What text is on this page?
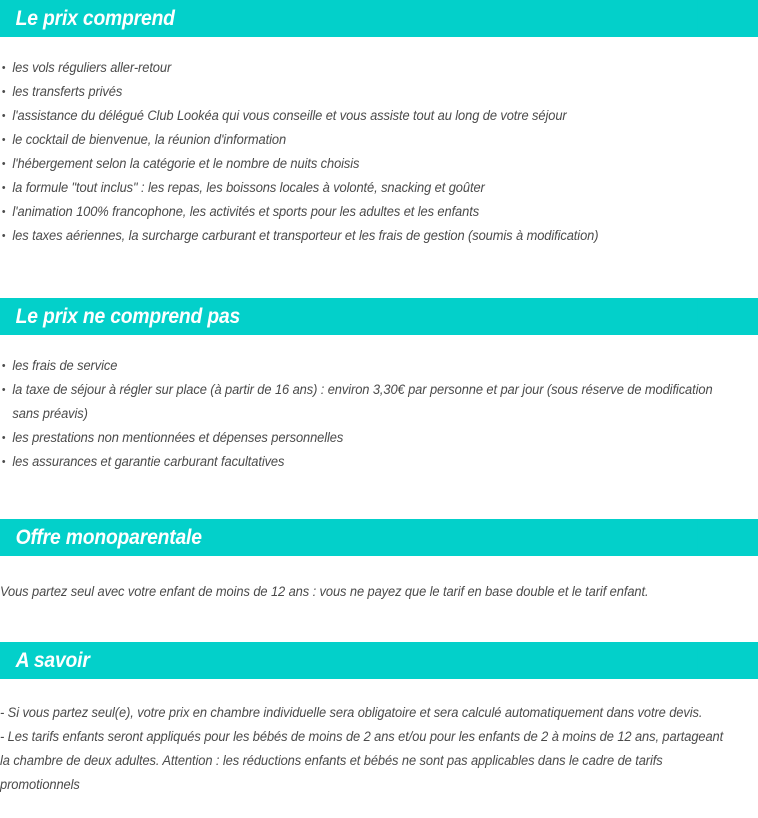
Le prix comprend
• les vols réguliers aller-retour
• les transferts privés
• l'assistance du délégué Club Lookéa qui vous conseille et vous assiste tout au long de votre séjour
• le cocktail de bienvenue, la réunion d'information
• l'hébergement selon la catégorie et le nombre de nuits choisis
• la formule "tout inclus" : les repas, les boissons locales à volonté, snacking et goûter
• l'animation 100% francophone, les activités et sports pour les adultes et les enfants
• les taxes aériennes, la surcharge carburant et transporteur et les frais de gestion (soumis à modification)
Le prix ne comprend pas
• les frais de service
• la taxe de séjour à régler sur place (à partir de 16 ans) : environ 3,30€ par personne et par jour (sous réserve de modification sans préavis)
• les prestations non mentionnées et dépenses personnelles
• les assurances et garantie carburant facultatives
Offre monoparentale

Vous partez seul avec votre enfant de moins de 12 ans : vous ne payez que le tarif en base double et le tarif enfant.

A savoir

- Si vous partez seul(e), votre prix en chambre individuelle sera obligatoire et sera calculé automatiquement dans votre devis.

- Les tarifs enfants seront appliqués pour les bébés de moins de 2 ans et/ou pour les enfants de 2 à moins de 12 ans, partageant la chambre de deux adultes. Attention : les réductions enfants et bébés ne sont pas applicables dans le cadre de tarifs promotionnels
